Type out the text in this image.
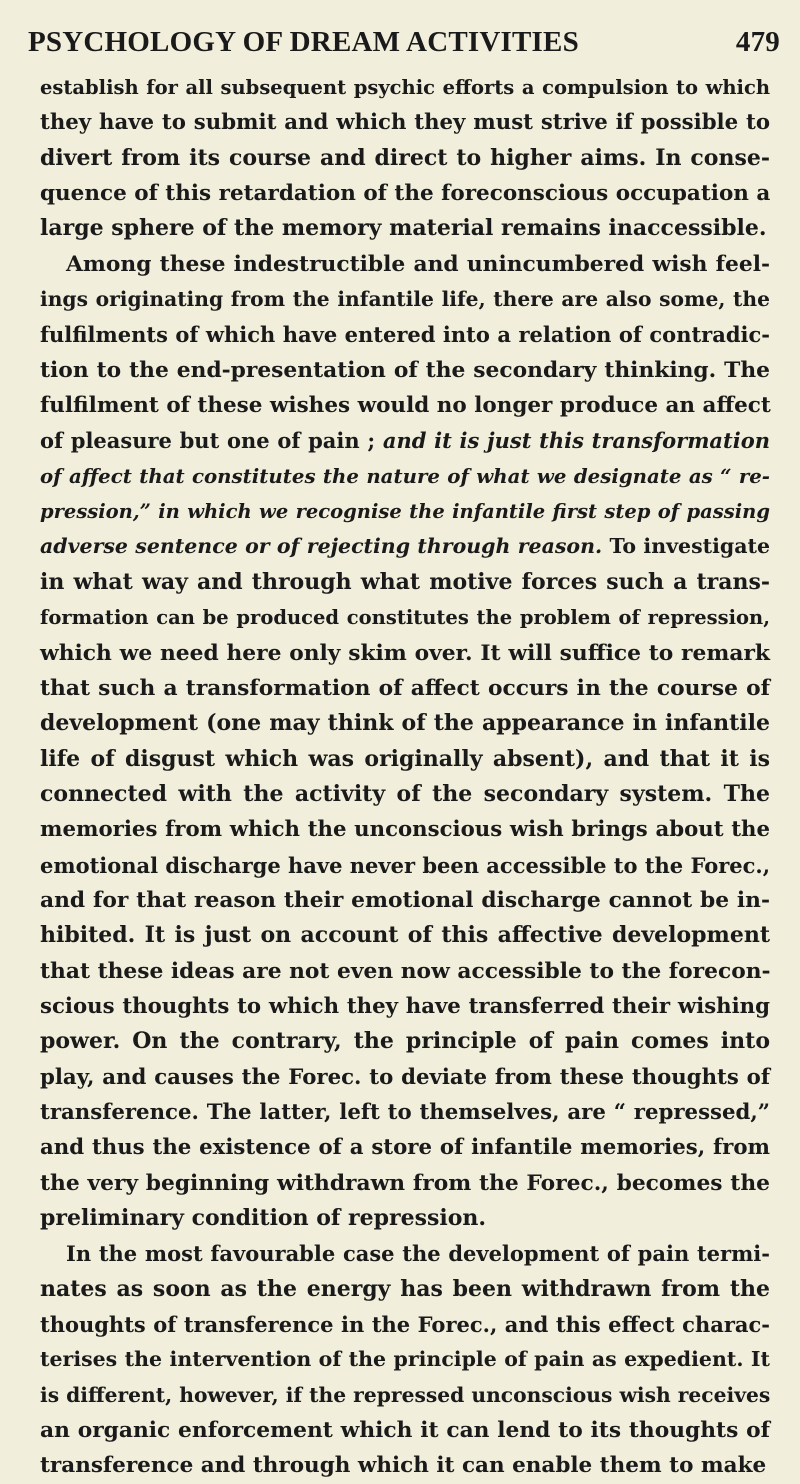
PSYCHOLOGY OF DREAM ACTIVITIES	479
establish for all subsequent psychic efforts a compulsion to which
they have to submit and which they must strive if possible to
divert from its course and direct to higher aims. In conse-
quence of this retardation of the foreconscious occupation a
large sphere of the memory material remains inaccessible.
Among these indestructible and unincumbered wish feel-
ings originating from the infantile life, there are also some, the
fulfilments of which have entered into a relation of contradic-
tion to the end-presentation of the secondary thinking. The
fulfilment of these wishes would no longer produce an affect
of pleasure but one of pain ; and it is just this transformation
of affect that constitutes the nature of what we designate as “ re-
pression,” in which we recognise the infantile first step of passing
adverse sentence or of rejecting through reason. To investigate
in what way and through what motive forces such a trans-
formation can be produced constitutes the problem of repression,
which we need here only skim over. It will suffice to remark
that such a transformation of affect occurs in the course of
development (one may think of the appearance in infantile
life of disgust which was originally absent), and that it is
connected with the activity of the secondary system. The
memories from which the unconscious wish brings about the
emotional discharge have never been accessible to the Forec.,
and for that reason their emotional discharge cannot be in-
hibited. It is just on account of this affective development
that these ideas are not even now accessible to the forecon-
scious thoughts to which they have transferred their wishing
power. On the contrary, the principle of pain comes into
play, and causes the Forec. to deviate from these thoughts of
transference. The latter, left to themselves, are “ repressed,”
and thus the existence of a store of infantile memories, from
the very beginning withdrawn from the Forec., becomes the
preliminary condition of repression.
In the most favourable case the development of pain termi-
nates as soon as the energy has been withdrawn from the
thoughts of transference in the Forec., and this effect charac-
terises the intervention of the principle of pain as expedient. It
is different, however, if the repressed unconscious wish receives
an organic enforcement which it can lend to its thoughts of
transference and through which it can enable them to make
